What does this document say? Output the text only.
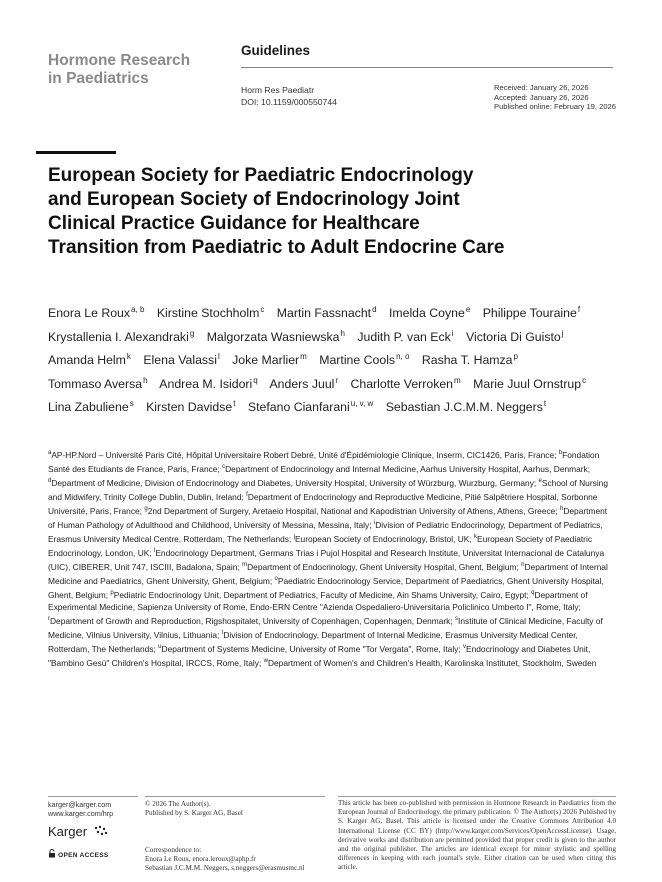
Hormone Research
in Paediatrics
Guidelines
Horm Res Paediatr
DOI: 10.1159/000550744
Received: January 26, 2026
Accepted: January 26, 2026
Published online: February 19, 2026
European Society for Paediatric Endocrinology and European Society of Endocrinology Joint Clinical Practice Guidance for Healthcare Transition from Paediatric to Adult Endocrine Care
Enora Le Roux$^{a, b}$ Kirstine Stochholm$^c$ Martin Fassnacht$^d$ Imelda Coyne$^e$ Philippe Touraine$^f$ Krystallenia I. Alexandraki$^g$ Malgorzata Wasniewska$^h$ Judith P. van Eck$^i$ Victoria Di Guisto$^j$ Amanda Helm$^k$ Elena Valassi$^l$ Joke Marlier$^m$ Martine Cools$^{n, o}$ Rasha T. Hamza$^p$ Tommaso Aversa$^h$ Andrea M. Isidori$^q$ Anders Juul$^r$ Charlotte Verroken$^m$ Marie Juul Ornstrup$^c$ Lina Zabuliene$^s$ Kirsten Davidse$^t$ Stefano Cianfarani$^{u, v, w}$ Sebastian J.C.M.M. Neggers$^t$
$^a$AP-HP.Nord – Université Paris Cité, Hôpital Universitaire Robert Debré, Unité d'Épidémiologie Clinique, Inserm, CIC1426, Paris, France; $^b$Fondation Santé des Etudiants de France, Paris, France; $^c$Department of Endocrinology and Internal Medicine, Aarhus University Hospital, Aarhus, Denmark; $^d$Department of Medicine, Division of Endocrinology and Diabetes, University Hospital, University of Würzburg, Wurzburg, Germany; $^e$School of Nursing and Midwifery, Trinity College Dublin, Dublin, Ireland; $^f$Department of Endocrinology and Reproductive Medicine, Pitié Salpêtriere Hospital, Sorbonne Université, Paris, France; $^g$2nd Department of Surgery, Aretaeio Hospital, National and Kapodistrian University of Athens, Athens, Greece; $^h$Department of Human Pathology of Adulthood and Childhood, University of Messina, Messina, Italy; $^i$Division of Pediatric Endocrinology, Department of Pediatrics, Erasmus University Medical Centre, Rotterdam, The Netherlands; $^j$European Society of Endocrinology, Bristol, UK; $^k$European Society of Paediatric Endocrinology, London, UK; $^l$Endocrinology Department, Germans Trias i Pujol Hospital and Research Institute, Universitat Internacional de Catalunya (UIC), CIBERER, Unit 747, ISCIII, Badalona, Spain; $^m$Department of Endocrinology, Ghent University Hospital, Ghent, Belgium; $^n$Department of Internal Medicine and Paediatrics, Ghent University, Ghent, Belgium; $^o$Paediatric Endocrinology Service, Department of Paediatrics, Ghent University Hospital, Ghent, Belgium; $^p$Pediatric Endocrinology Unit, Department of Pediatrics, Faculty of Medicine, Ain Shams University, Cairo, Egypt; $^q$Department of Experimental Medicine, Sapienza University of Rome, Endo-ERN Centre "Azienda Ospedaliero-Universitaria Policlinico Umberto I", Rome, Italy; $^r$Department of Growth and Reproduction, Rigshospitalet, University of Copenhagen, Copenhagen, Denmark; $^s$Institute of Clinical Medicine, Faculty of Medicine, Vilnius University, Vilnius, Lithuania; $^t$Division of Endocrinology, Department of Internal Medicine, Erasmus University Medical Center, Rotterdam, The Netherlands; $^u$Department of Systems Medicine, University of Rome "Tor Vergata", Rome, Italy; $^v$Endocrinology and Diabetes Unit, "Bambino Gesù" Children's Hospital, IRCCS, Rome, Italy; $^w$Department of Women's and Children's Health, Karolinska Institutet, Stockholm, Sweden
karger@karger.com
www.karger.com/hrp
Karger
OPEN ACCESS
© 2026 The Author(s).
Published by S. Karger AG, Basel
Correspondence to:
Enora Le Roux, enora.leroux@aphp.fr
Sebastian J.C.M.M. Neggers, s.neggers@erasmusmc.nl
This article has been co-published with permission in Hormone Research in Paediatrics from the European Journal of Endocrinology, the primary publication. © The Author(s) 2026 Published by S. Karger AG, Basel. This article is licensed under the Creative Commons Attribution 4.0 International License (CC BY) (http://www.karger.com/Services/OpenAccessLicense). Usage, derivative works and distribution are permitted provided that proper credit is given to the author and the original publisher. The articles are identical except for minor stylistic and spelling differences in keeping with each journal's style. Either citation can be used when citing this article.
